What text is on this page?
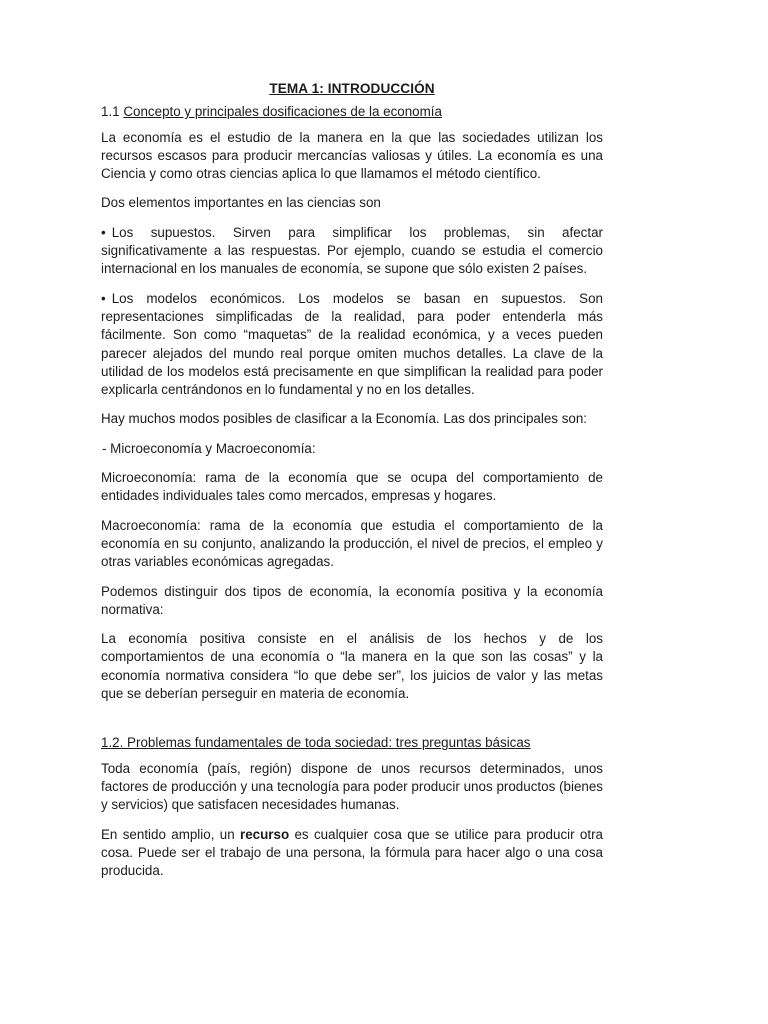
TEMA 1: INTRODUCCIÓN
1.1 Concepto y principales dosificaciones de la economía

La economía es el estudio de la manera en la que las sociedades utilizan los recursos escasos para producir mercancías valiosas y útiles. La economía es una Ciencia y como otras ciencias aplica lo que llamamos el método científico.

Dos elementos importantes en las ciencias son

• Los supuestos. Sirven para simplificar los problemas, sin afectar significativamente a las respuestas. Por ejemplo, cuando se estudia el comercio internacional en los manuales de economía, se supone que sólo existen 2 países.

• Los modelos económicos. Los modelos se basan en supuestos. Son representaciones simplificadas de la realidad, para poder entenderla más fácilmente. Son como “maquetas” de la realidad económica, y a veces pueden parecer alejados del mundo real porque omiten muchos detalles. La clave de la utilidad de los modelos está precisamente en que simplifican la realidad para poder explicarla centrándonos en lo fundamental y no en los detalles.

Hay muchos modos posibles de clasificar a la Economía. Las dos principales son:

- Microeconomía y Macroeconomía:

Microeconomía: rama de la economía que se ocupa del comportamiento de entidades individuales tales como mercados, empresas y hogares.

Macroeconomía: rama de la economía que estudia el comportamiento de la economía en su conjunto, analizando la producción, el nivel de precios, el empleo y otras variables económicas agregadas.

Podemos distinguir dos tipos de economía, la economía positiva y la economía normativa:

La economía positiva consiste en el análisis de los hechos y de los comportamientos de una economía o “la manera en la que son las cosas” y la economía normativa considera “lo que debe ser”, los juicios de valor y las metas que se deberían perseguir en materia de economía.

1.2. Problemas fundamentales de toda sociedad: tres preguntas básicas

Toda economía (país, región) dispone de unos recursos determinados, unos factores de producción y una tecnología para poder producir unos productos (bienes y servicios) que satisfacen necesidades humanas.

En sentido amplio, un recurso es cualquier cosa que se utilice para producir otra cosa. Puede ser el trabajo de una persona, la fórmula para hacer algo o una cosa producida.
